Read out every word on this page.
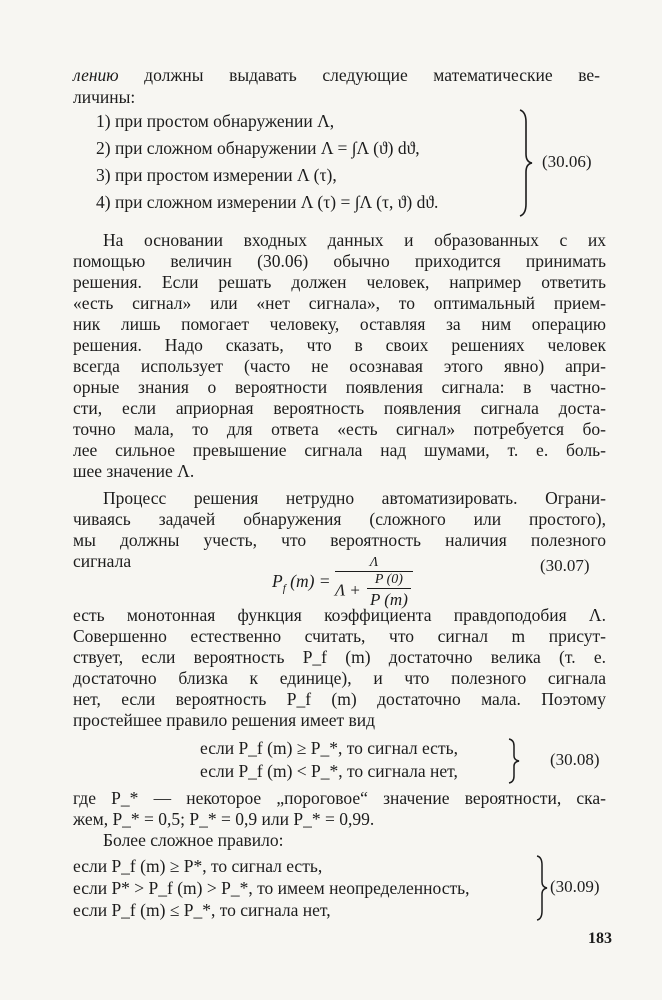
лению должны выдавать следующие математические ве-
личины:
1) при простом обнаружении Λ,
2) при сложном обнаружении Λ = ∫Λ (ϑ) dϑ,
3) при простом измерении Λ (τ),
4) при сложном измерении Λ (τ) = ∫Λ (τ, ϑ) dϑ.
(30.06)
На основании входных данных и образованных с их
помощью величин (30.06) обычно приходится принимать
решения. Если решать должен человек, например ответить
«есть сигнал» или «нет сигнала», то оптимальный прием-
ник лишь помогает человеку, оставляя за ним операцию
решения. Надо сказать, что в своих решениях человек
всегда использует (часто не осознавая этого явно) апри-
орные знания о вероятности появления сигнала: в частно-
сти, если априорная вероятность появления сигнала доста-
точно мала, то для ответа «есть сигнал» потребуется бо-
лее сильное превышение сигнала над шумами, т. е. боль-
шее значение Λ.
Процесс решения нетрудно автоматизировать. Ограни-
чиваясь задачей обнаружения (сложного или простого),
мы должны учесть, что вероятность наличия полезного
сигнала
$P_f$ $(m) = \frac{\Lambda}{\Lambda + \frac{P (0)}{P (m)}}$	(30.07)
есть монотонная функция коэффициента правдоподобия Λ.
Совершенно естественно считать, что сигнал m присут-
ствует, если вероятность P_f (m) достаточно велика (т. е.
достаточно близка к единице), и что полезного сигнала
нет, если вероятность P_f (m) достаточно мала. Поэтому
простейшее правило решения имеет вид
если P_f (m) ≥ P_*, то сигнал есть,
если P_f (m) < P_*, то сигнала нет,
(30.08)
где P_* — некоторое „пороговое“ значение вероятности, ска-
жем, P_* = 0,5; P_* = 0,9 или P_* = 0,99.
Более сложное правило:
если P_f (m) ≥ P*, то сигнал есть,
если P* > P_f (m) > P_*, то имеем неопределенность,
если P_f (m) ≤ P_*, то сигнала нет,
(30.09)
183
